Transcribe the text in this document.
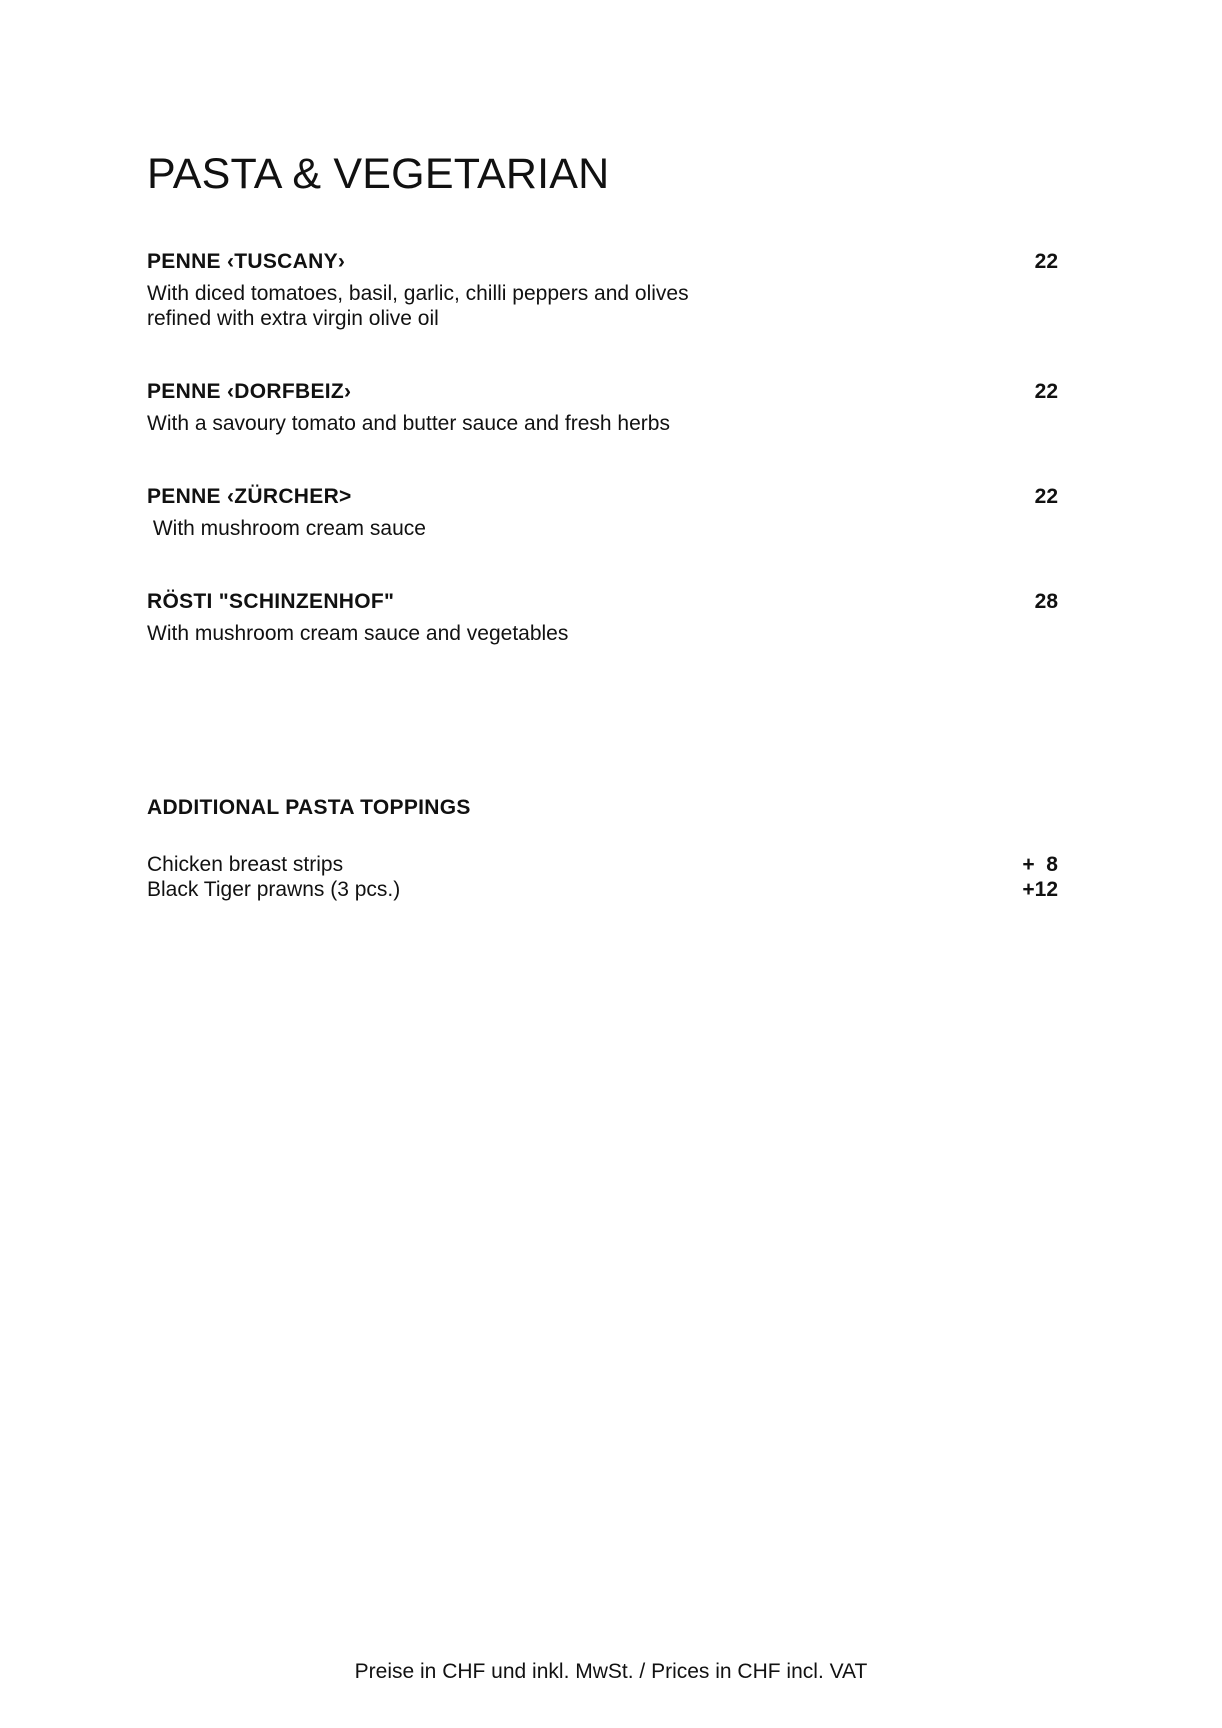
PASTA & VEGETARIAN
PENNE ‹TUSCANY›	22
With diced tomatoes, basil, garlic, chilli peppers and olives
refined with extra virgin olive oil
PENNE ‹DORFBEIZ›	22
With a savoury tomato and butter sauce and fresh herbs
PENNE ‹ZÜRCHER>	22
With mushroom cream sauce
RÖSTI "SCHINZENHOF"	28
With mushroom cream sauce and vegetables
ADDITIONAL PASTA TOPPINGS
Chicken breast strips	+  8
Black Tiger prawns (3 pcs.)	+12
Preise in CHF und inkl. MwSt. / Prices in CHF incl. VAT
